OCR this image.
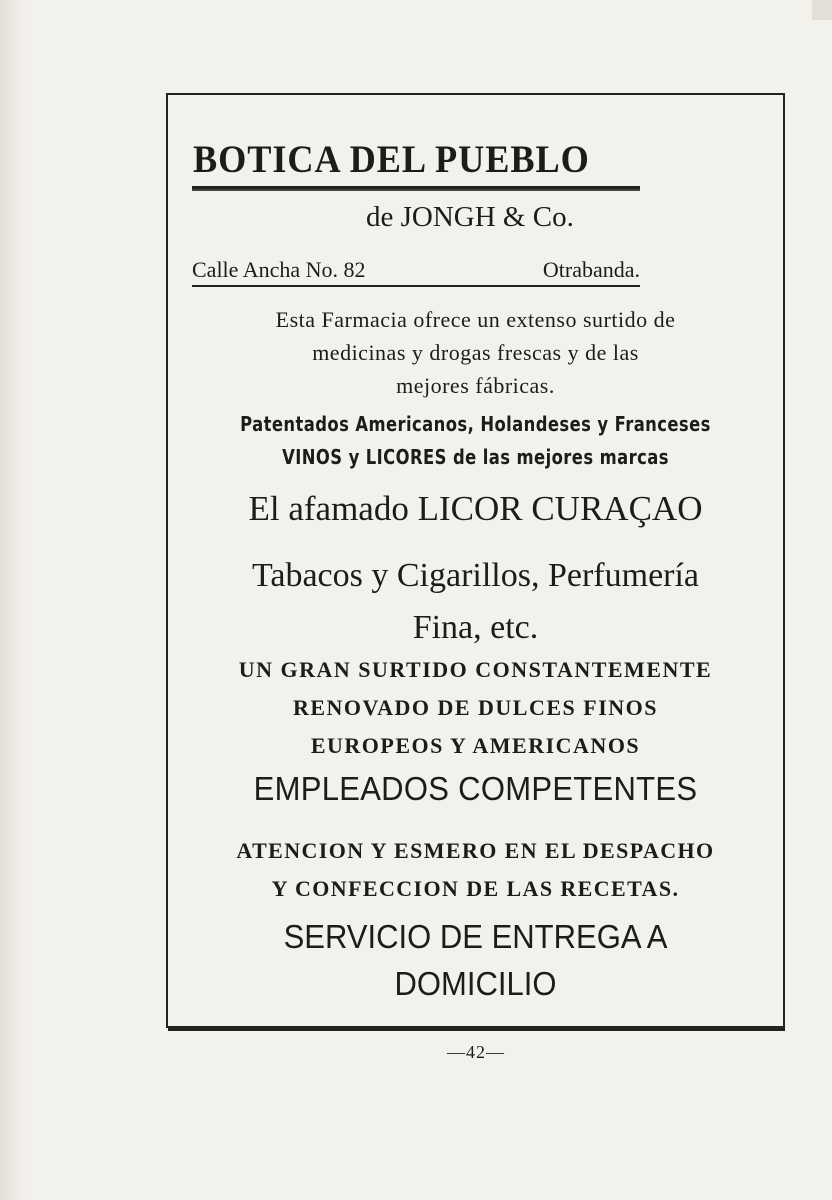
BOTICA DEL PUEBLO
de JONGH & Co.
Calle Ancha No. 82	Otrabanda.
Esta Farmacia ofrece un extenso surtido de
medicinas y drogas frescas y de las
mejores fábricas.
Patentados Americanos, Holandeses y Franceses
VINOS y LICORES de las mejores marcas
El afamado LICOR CURAÇAO
Tabacos y Cigarillos, Perfumería
Fina, etc.
UN GRAN SURTIDO CONSTANTEMENTE
RENOVADO DE DULCES FINOS
EUROPEOS Y AMERICANOS
EMPLEADOS COMPETENTES
ATENCION Y ESMERO EN EL DESPACHO
Y CONFECCION DE LAS RECETAS.
SERVICIO DE ENTREGA A
DOMICILIO
—42—
